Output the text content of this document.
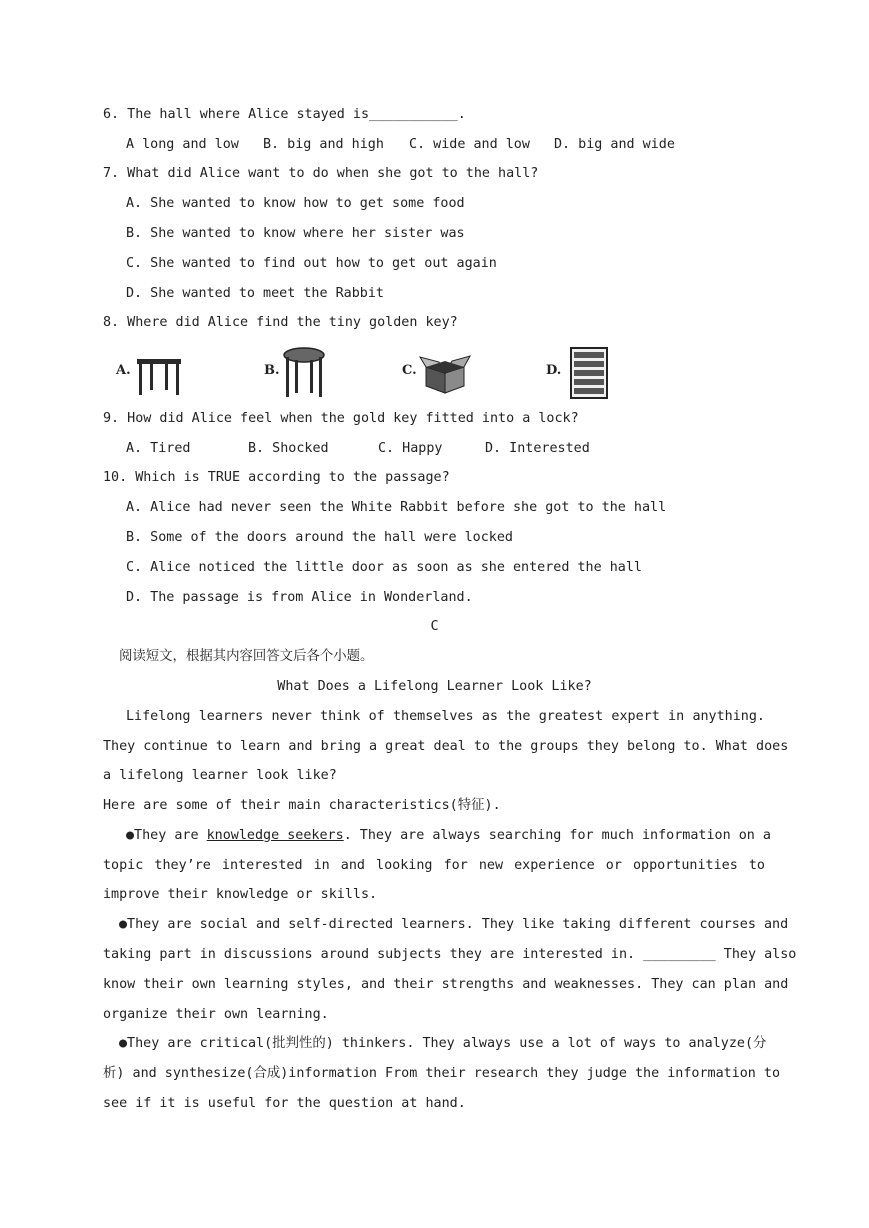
6. The hall where Alice stayed is___________.
A long and low B. big and high C. wide and low D. big and wide
7. What did Alice want to do when she got to the hall?
A. She wanted to know how to get some food
B. She wanted to know where her sister was
C. She wanted to find out how to get out again
D. She wanted to meet the Rabbit
8. Where did Alice find the tiny golden key?
A.	B.	C.	D.
9. How did Alice feel when the gold key fitted into a lock?
A. Tired	B. Shocked	C. Happy	D. Interested
10. Which is TRUE according to the passage?
A. Alice had never seen the White Rabbit before she got to the hall
B. Some of the doors around the hall were locked
C. Alice noticed the little door as soon as she entered the hall
D. The passage is from Alice in Wonderland.
C
阅读短文，根据其内容回答文后各个小题。
What Does a Lifelong Learner Look Like?
Lifelong learners never think of themselves as the greatest expert in anything.
They continue to learn and bring a great deal to the groups they belong to. What does
a lifelong learner look like?
Here are some of their main characteristics(特征).
●They are knowledge seekers. They are always searching for much information on a
topic they’re interested in and looking for new experience or opportunities to
improve their knowledge or skills.
●They are social and self-directed learners. They like taking different courses and
taking part in discussions around subjects they are interested in. _________ They also
know their own learning styles, and their strengths and weaknesses. They can plan and
organize their own learning.
●They are critical(批判性的) thinkers. They always use a lot of ways to analyze(分
析) and synthesize(合成)information From their research they judge the information to
see if it is useful for the question at hand.
